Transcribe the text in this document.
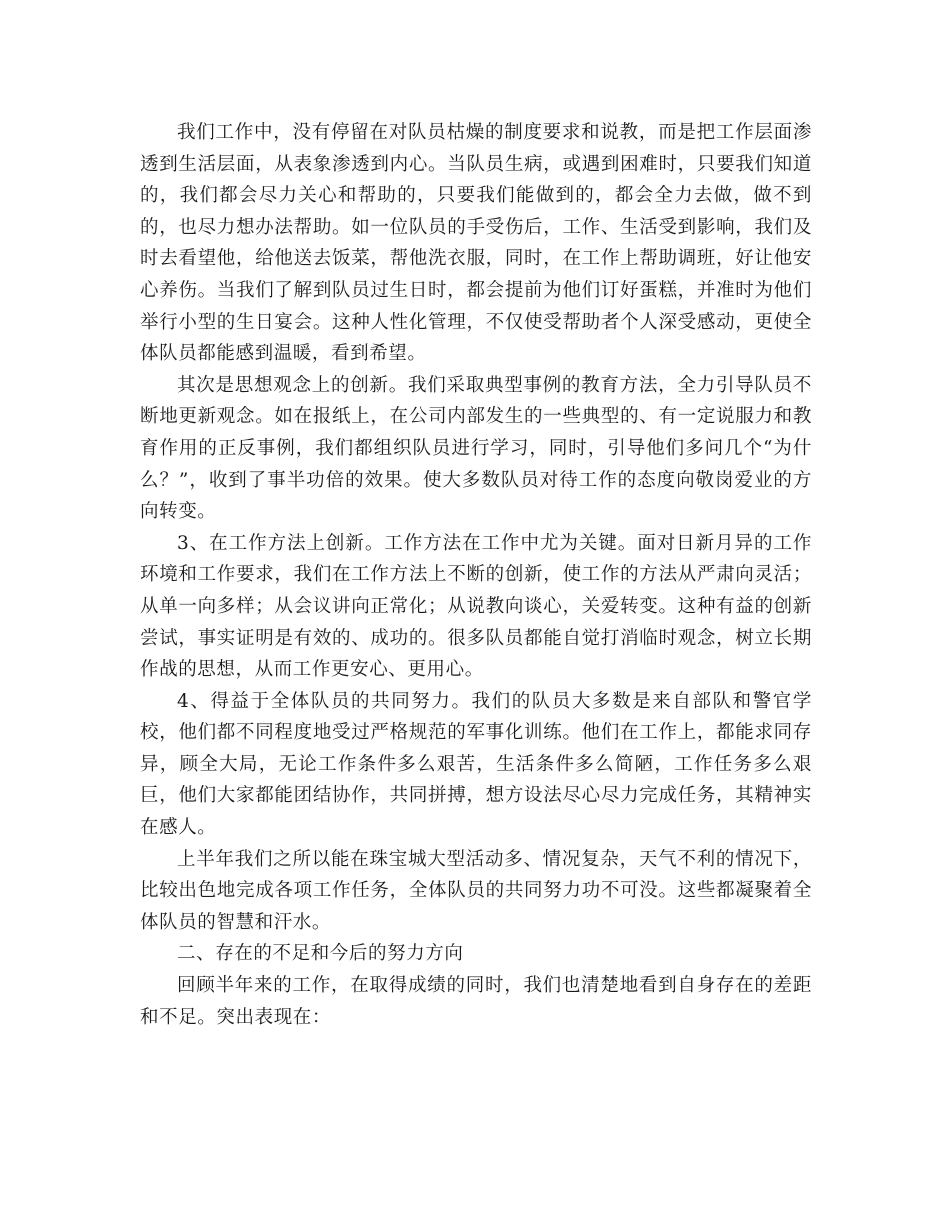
我们工作中，没有停留在对队员枯燥的制度要求和说教，而是把工作层面渗透到生活层面，从表象渗透到内心。当队员生病，或遇到困难时，只要我们知道的，我们都会尽力关心和帮助的，只要我们能做到的，都会全力去做，做不到的，也尽力想办法帮助。如一位队员的手受伤后，工作、生活受到影响，我们及时去看望他，给他送去饭菜，帮他洗衣服，同时，在工作上帮助调班，好让他安心养伤。当我们了解到队员过生日时，都会提前为他们订好蛋糕，并准时为他们举行小型的生日宴会。这种人性化管理，不仅使受帮助者个人深受感动，更使全体队员都能感到温暖，看到希望。

其次是思想观念上的创新。我们采取典型事例的教育方法，全力引导队员不断地更新观念。如在报纸上，在公司内部发生的一些典型的、有一定说服力和教育作用的正反事例，我们都组织队员进行学习，同时，引导他们多问几个“为什么？”，收到了事半功倍的效果。使大多数队员对待工作的态度向敬岗爱业的方向转变。

3、在工作方法上创新。工作方法在工作中尤为关键。面对日新月异的工作环境和工作要求，我们在工作方法上不断的创新，使工作的方法从严肃向灵活；从单一向多样；从会议讲向正常化；从说教向谈心，关爱转变。这种有益的创新尝试，事实证明是有效的、成功的。很多队员都能自觉打消临时观念，树立长期作战的思想，从而工作更安心、更用心。

4、得益于全体队员的共同努力。我们的队员大多数是来自部队和警官学校，他们都不同程度地受过严格规范的军事化训练。他们在工作上，都能求同存异，顾全大局，无论工作条件多么艰苦，生活条件多么简陋，工作任务多么艰巨，他们大家都能团结协作，共同拼搏，想方设法尽心尽力完成任务，其精神实在感人。

上半年我们之所以能在珠宝城大型活动多、情况复杂，天气不利的情况下，比较出色地完成各项工作任务，全体队员的共同努力功不可没。这些都凝聚着全体队员的智慧和汗水。

二、存在的不足和今后的努力方向

回顾半年来的工作，在取得成绩的同时，我们也清楚地看到自身存在的差距和不足。突出表现在：
